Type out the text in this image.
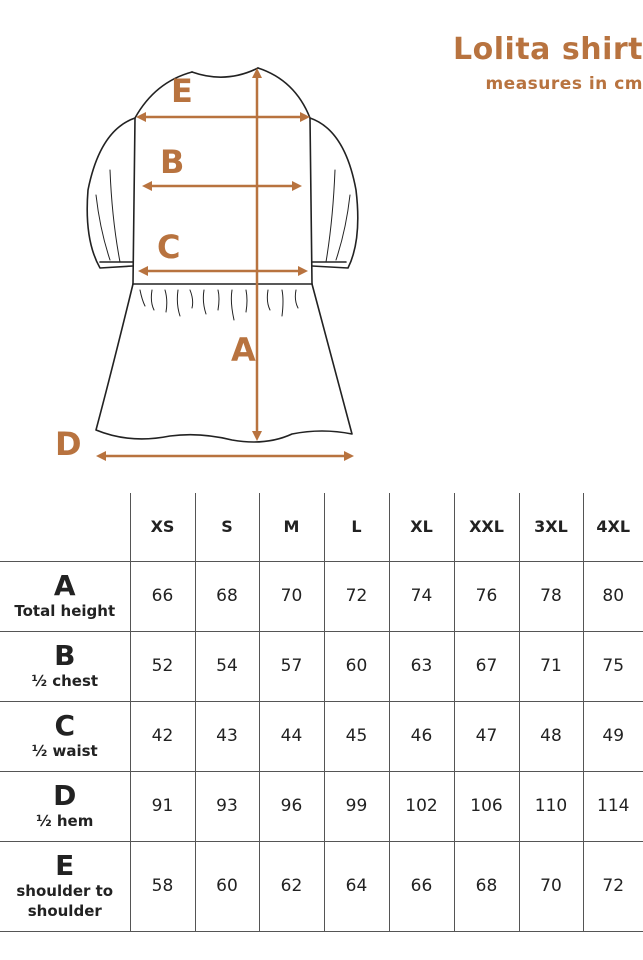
Lolita shirt
measures in cm
E
B
C
A
D
	XS	S	M	L	XL	XXL	3XL	4XL

A
Total height	66	68	70	72	74	76	78	80

B
½ chest	52	54	57	60	63	67	71	75

C
½ waist	42	43	44	45	46	47	48	49

D
½ hem	91	93	96	99	102	106	110	114

E
shoulder to shoulder	58	60	62	64	66	68	70	72
